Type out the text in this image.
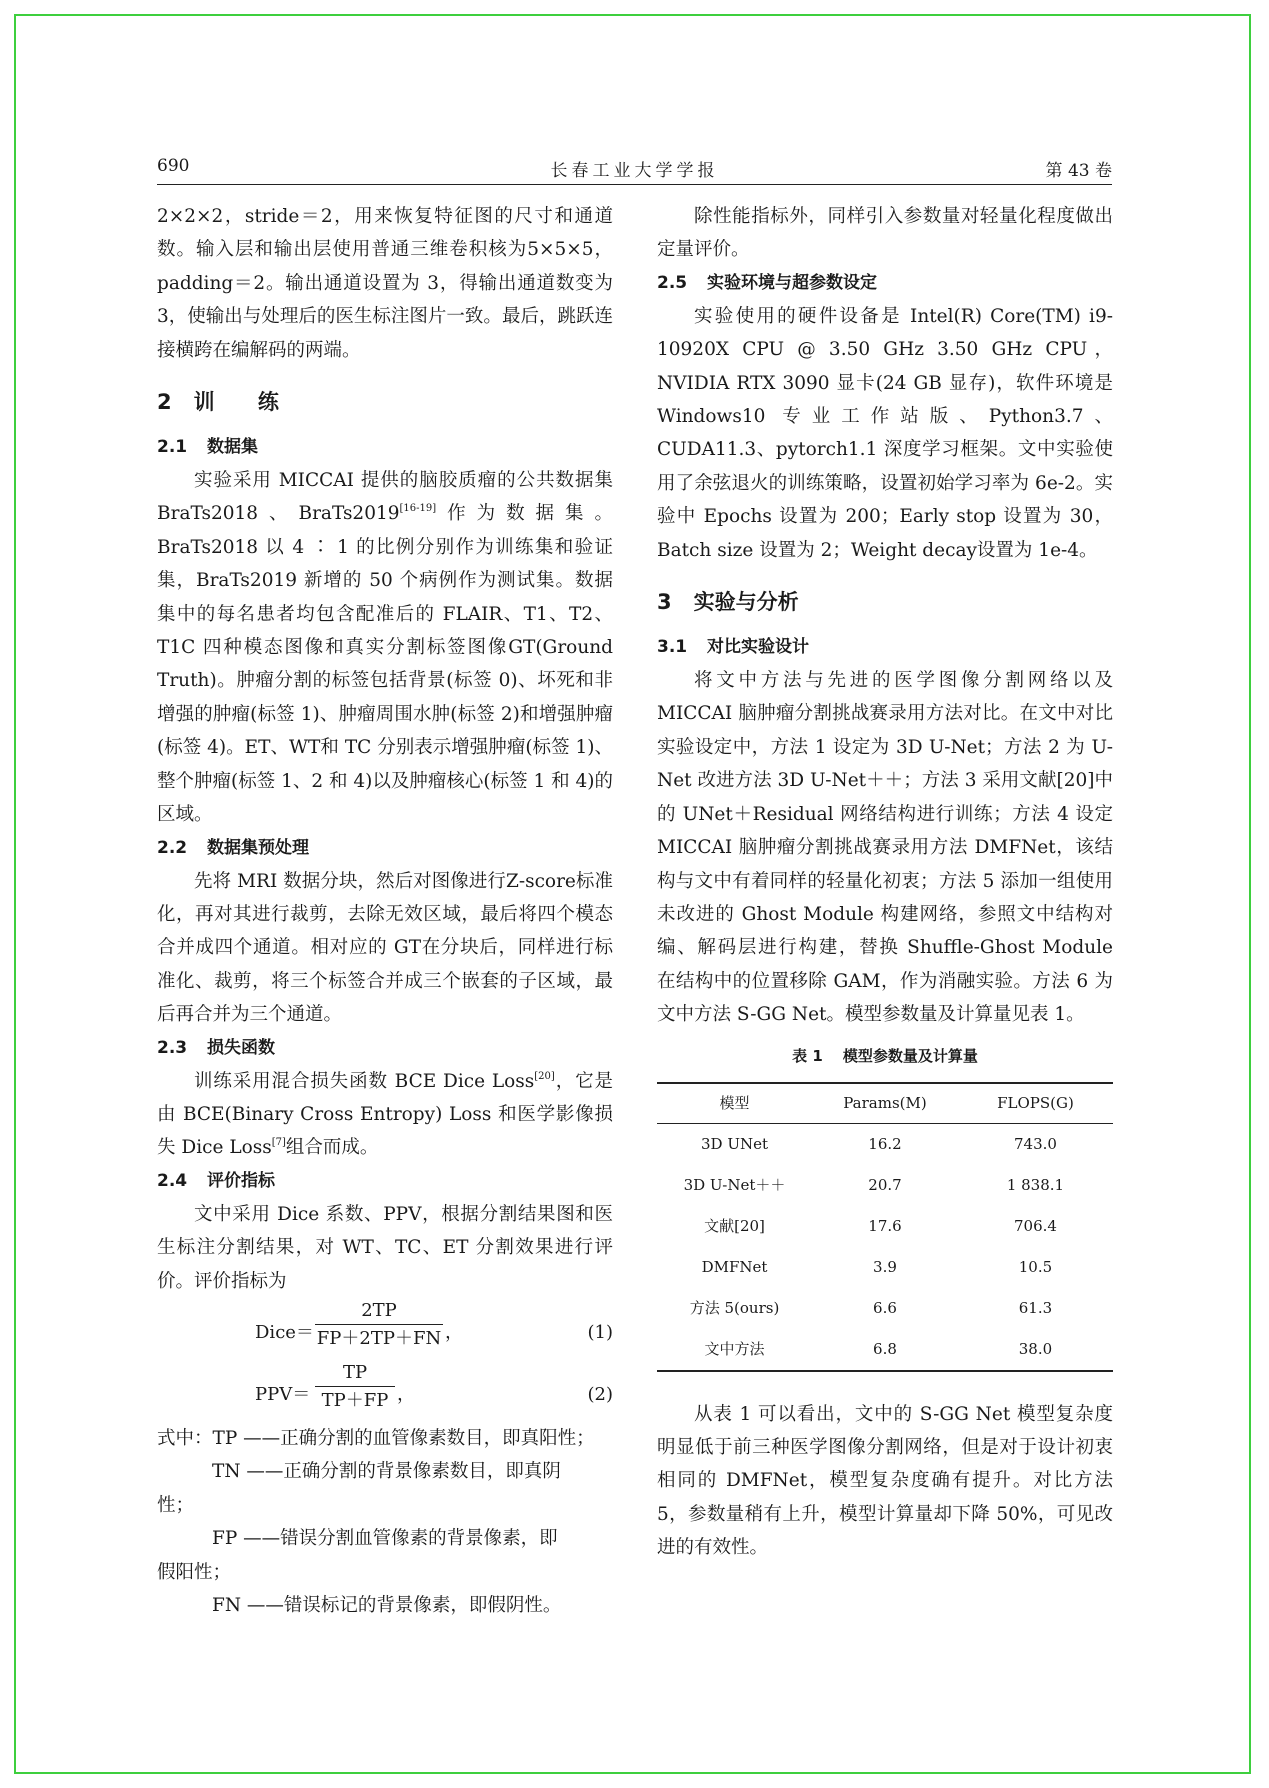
690	长春工业大学学报	第 43 卷

2×2×2，stride＝2，用来恢复特征图的尺寸和通道数。输入层和输出层使用普通三维卷积核为5×5×5，padding＝2。输出通道设置为 3，得输出通道数变为 3，使输出与处理后的医生标注图片一致。最后，跳跃连接横跨在编解码的两端。

2 训 练
2.1 数据集

实验采用 MICCAI 提供的脑胶质瘤的公共数据集 BraTs2018、BraTs2019[16-19]作为数据集。BraTs2018 以 4 ∶ 1 的比例分别作为训练集和验证集，BraTs2019 新增的 50 个病例作为测试集。数据集中的每名患者均包含配准后的 FLAIR、T1、T2、T1C 四种模态图像和真实分割标签图像GT(Ground Truth)。肿瘤分割的标签包括背景(标签 0)、坏死和非增强的肿瘤(标签 1)、肿瘤周围水肿(标签 2)和增强肿瘤(标签 4)。ET、WT和 TC 分别表示增强肿瘤(标签 1)、整个肿瘤(标签 1、2 和 4)以及肿瘤核心(标签 1 和 4)的区域。

2.2 数据集预处理

先将 MRI 数据分块，然后对图像进行Z-score标准化，再对其进行裁剪，去除无效区域，最后将四个模态合并成四个通道。相对应的 GT在分块后，同样进行标准化、裁剪，将三个标签合并成三个嵌套的子区域，最后再合并为三个通道。

2.3 损失函数

训练采用混合损失函数 BCE Dice Loss[20]，它是由 BCE(Binary Cross Entropy) Loss 和医学影像损失 Dice Loss[7]组合而成。

2.4 评价指标

文中采用 Dice 系数、PPV，根据分割结果图和医生标注分割结果，对 WT、TC、ET 分割效果进行评价。评价指标为

Dice＝ $\frac{2TP}{FP+2TP+FN}$ ，	(1)
$PPV= \frac{TP}{TP+FP}$ ，	(2)

式中：TP ——正确分割的血管像素数目，即真阳性；

TN ——正确分割的背景像素数目，即真阴

性；

FP ——错误分割血管像素的背景像素，即

假阳性；

FN ——错误标记的背景像素，即假阴性。

除性能指标外，同样引入参数量对轻量化程度做出定量评价。

2.5 实验环境与超参数设定

实验使用的硬件设备是 Intel(R) Core(TM) i9-10920X CPU @ 3.50 GHz 3.50 GHz CPU，NVIDIA RTX 3090 显卡(24 GB 显存)，软件环境是 Windows10 专业工作站版、Python3.7、CUDA11.3、pytorch1.1 深度学习框架。文中实验使用了余弦退火的训练策略，设置初始学习率为 6e-2。实验中 Epochs 设置为 200；Early stop 设置为 30，Batch size 设置为 2；Weight decay设置为 1e-4。

3 实验与分析
3.1 对比实验设计

将文中方法与先进的医学图像分割网络以及MICCAI 脑肿瘤分割挑战赛录用方法对比。在文中对比实验设定中，方法 1 设定为 3D U-Net；方法 2 为 U-Net 改进方法 3D U-Net＋＋；方法 3 采用文献[20]中的 UNet＋Residual 网络结构进行训练；方法 4 设定 MICCAI 脑肿瘤分割挑战赛录用方法 DMFNet，该结构与文中有着同样的轻量化初衷；方法 5 添加一组使用未改进的 Ghost Module 构建网络，参照文中结构对编、解码层进行构建，替换 Shuffle-Ghost Module 在结构中的位置移除 GAM，作为消融实验。方法 6 为文中方法 S-GG Net。模型参数量及计算量见表 1。

表 1 模型参数量及计算量
模型	Params(M)	FLOPS(G)
3D UNet	16.2	743.0
3D U-Net＋＋	20.7	1 838.1
文献[20]	17.6	706.4
DMFNet	3.9	10.5
方法 5(ours)	6.6	61.3
文中方法	6.8	38.0

从表 1 可以看出，文中的 S-GG Net 模型复杂度明显低于前三种医学图像分割网络，但是对于设计初衷相同的 DMFNet，模型复杂度确有提升。对比方法 5，参数量稍有上升，模型计算量却下降 50%，可见改进的有效性。
